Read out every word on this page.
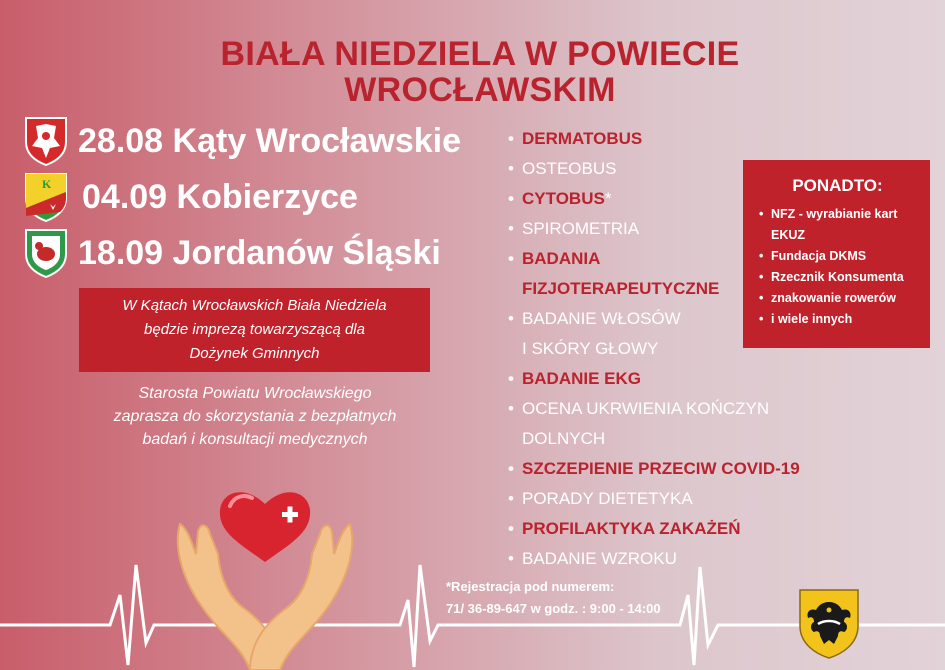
BIAŁA NIEDZIELA W POWIECIE
WROCŁAWSKIM
28.08 Kąty Wrocławskie
K 04.09 Kobierzyce
18.09 Jordanów Śląski
W Kątach Wrocławskich Biała Niedziela
będzie imprezą towarzyszącą dla
Dożynek Gminnych
Starosta Powiatu Wrocławskiego
zaprasza do skorzystania z bezpłatnych
badań i konsultacji medycznych
• DERMATOBUS
• OSTEOBUS
• CYTOBUS*
• SPIROMETRIA
• BADANIA
FIZJOTERAPEUTYCZNE
• BADANIE WŁOSÓW
I SKÓRY GŁOWY
• BADANIE EKG
• OCENA UKRWIENIA KOŃCZYN
DOLNYCH
• SZCZEPIENIE PRZECIW COVID-19
• PORADY DIETETYKA
• PROFILAKTYKA ZAKAŻEŃ
• BADANIE WZROKU
PONADTO:
• NFZ - wyrabianie kart
EKUZ
• Fundacja DKMS
• Rzecznik Konsumenta
• znakowanie rowerów
• i wiele innych
*Rejestracja pod numerem:
71/ 36-89-647 w godz. : 9:00 - 14:00
